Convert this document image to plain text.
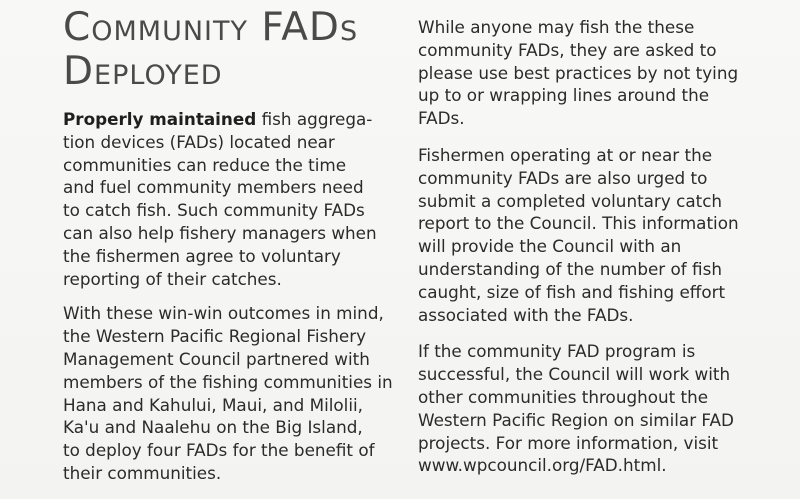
Community FADs
Deployed

Properly maintained fish aggrega-
tion devices (FADs) located near
communities can reduce the time
and fuel community members need
to catch fish. Such community FADs
can also help fishery managers when
the fishermen agree to voluntary
reporting of their catches.

With these win-win outcomes in mind,
the Western Pacific Regional Fishery
Management Council partnered with
members of the fishing communities in
Hana and Kahului, Maui, and Milolii,
Ka'u and Naalehu on the Big Island,
to deploy four FADs for the benefit of
their communities.

While anyone may fish the these
community FADs, they are asked to
please use best practices by not tying
up to or wrapping lines around the
FADs.

Fishermen operating at or near the
community FADs are also urged to
submit a completed voluntary catch
report to the Council. This information
will provide the Council with an
understanding of the number of fish
caught, size of fish and fishing effort
associated with the FADs.

If the community FAD program is
successful, the Council will work with
other communities throughout the
Western Pacific Region on similar FAD
projects. For more information, visit
www.wpcouncil.org/FAD.html.
